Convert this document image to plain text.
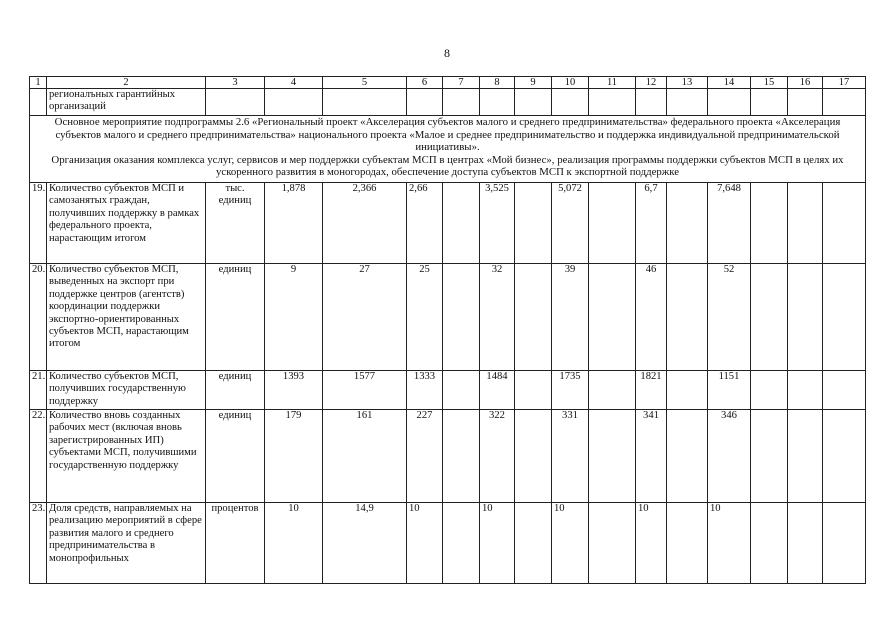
8
1	2	3	4	5	6	7	8	9	10	11	12	13	14	15	16	17
	регионалъных гарантийных организаций															

Основное мероприятие подпрограммы 2.6 «Региональный проект «Акселерация субъектов малого и среднего предпринимательства» федерального проекта «Акселерация субъектов малого и среднего предпринимательства» национального проекта «Малое и среднее предпринимательство и поддержка индивидуальной предпринимательской инициативы».
Организация оказания комплекса услуг, сервисов и мер поддержки субъектам МСП в центрах «Мой бизнес», реализация программы поддержки субъектов МСП в целях их ускоренного развития в моногородах, обеспечение доступа субъектов МСП к экспортной поддержке																

19.	Количество субъектов МСП и самозанятых граждан, получивших поддержку в рамках федерального проекта, нарастающим итогом	тыс. единиц	1,878	2,366	2,66		3,525		5,072		6,7		7,648			
20.	Количество субъектов МСП, выведенных на экспорт при поддержке центров (агентств) координации поддержки экспортно-ориентированных субъектов МСП, нарастающим итогом	единиц	9	27	25		32		39		46		52			
21.	Количество субъектов МСП, получивших государственную поддержку	единиц	1393	1577	1333		1484		1735		1821		1151			
22.	Количество вновь созданных рабочих мест (включая вновь зарегистрированных ИП) субъектами МСП, получившими государственную поддержку	единиц	179	161	227		322		331		341		346			
23.	Доля средств, направляемых на реализацию мероприятий в сфере развития малого и среднего предпринимательства в монопрофильных	процентов	10	14,9	10		10		10		10		10			
